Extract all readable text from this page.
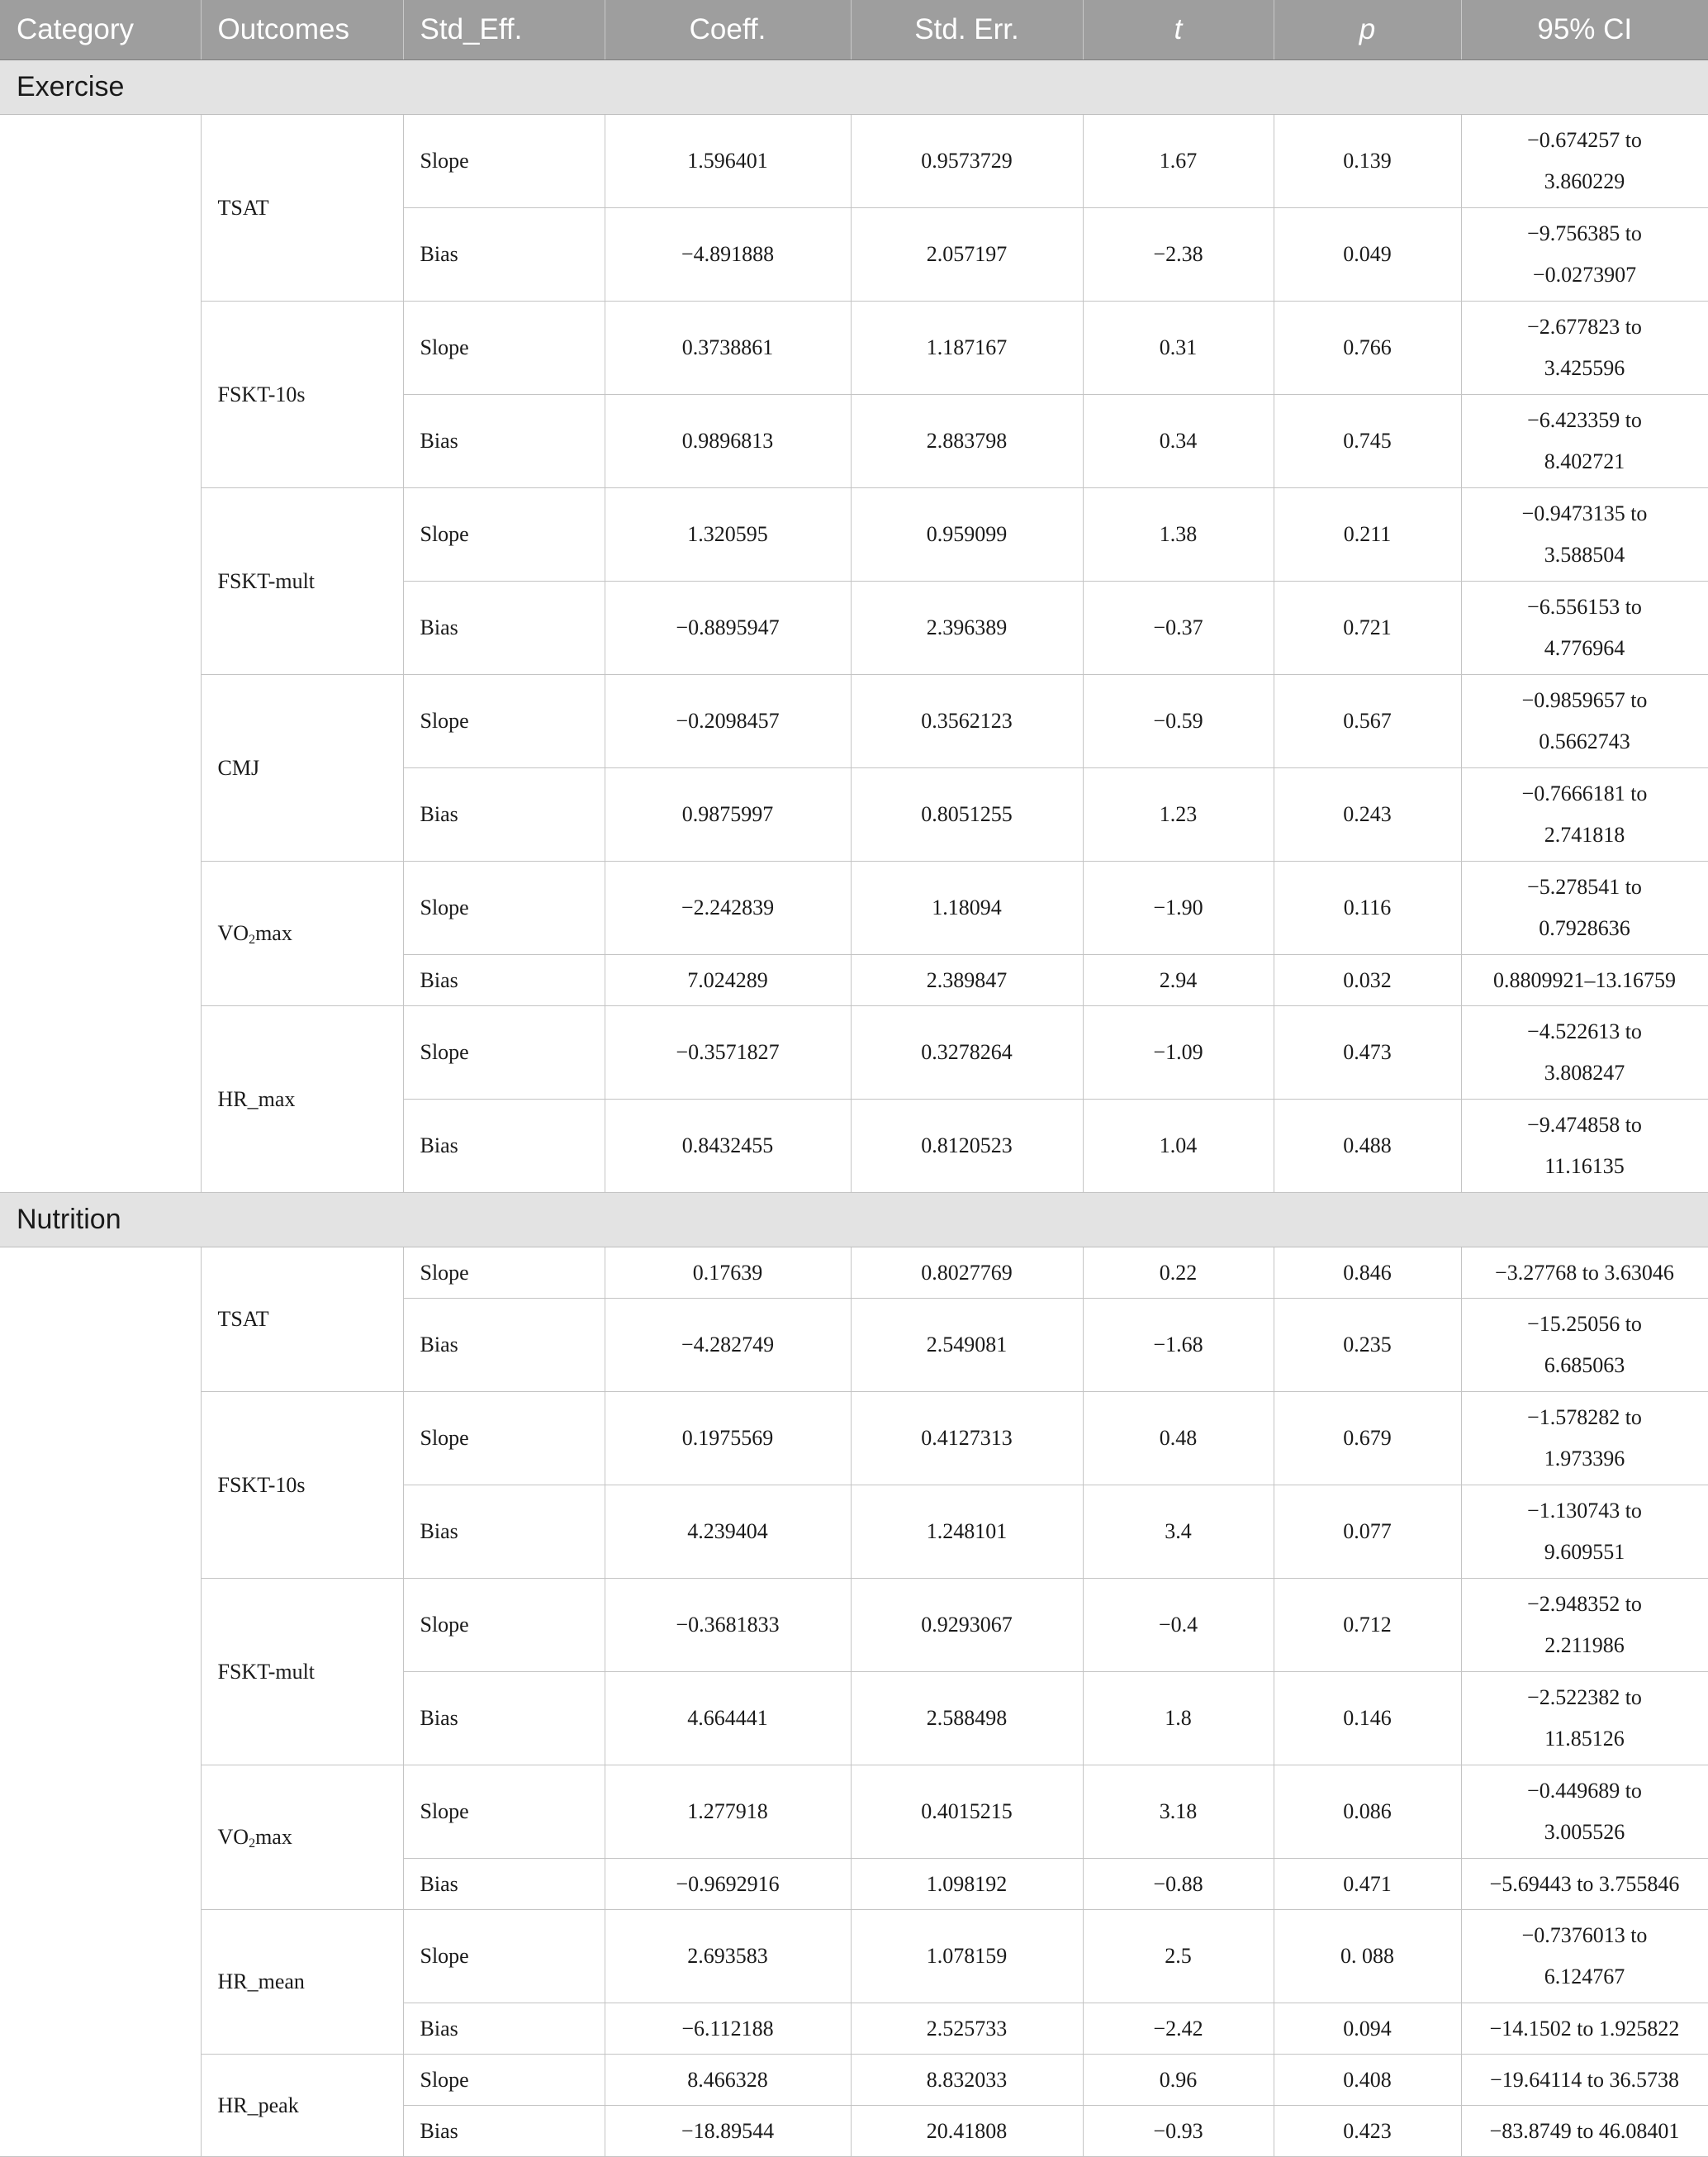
Category	Outcomes	Std_Eff.	Coeff.	Std. Err.	t	p	95% CI
Exercise							
	TSAT	Slope	1.596401	0.9573729	1.67	0.139	−0.674257 to
3.860229

		Bias	−4.891888	2.057197	−2.38	0.049	−9.756385 to
−0.0273907

	FSKT-10s	Slope	0.3738861	1.187167	0.31	0.766	−2.677823 to
3.425596

		Bias	0.9896813	2.883798	0.34	0.745	−6.423359 to
8.402721

	FSKT-mult	Slope	1.320595	0.959099	1.38	0.211	−0.9473135 to
3.588504

		Bias	−0.8895947	2.396389	−0.37	0.721	−6.556153 to
4.776964

	CMJ	Slope	−0.2098457	0.3562123	−0.59	0.567	−0.9859657 to
0.5662743

		Bias	0.9875997	0.8051255	1.23	0.243	−0.7666181 to
2.741818

	$VO_2\max$	Slope	−2.242839	1.18094	−1.90	0.116	−5.278541 to
0.7928636

		Bias	7.024289	2.389847	2.94	0.032	0.8809921–13.16759

	HR_max	Slope	−0.3571827	0.3278264	−1.09	0.473	−4.522613 to
3.808247

		Bias	0.8432455	0.8120523	1.04	0.488	−9.474858 to
11.16135

Nutrition							
	TSAT	Slope	0.17639	0.8027769	0.22	0.846	−3.27768 to 3.63046

		Bias	−4.282749	2.549081	−1.68	0.235	−15.25056 to
6.685063

	FSKT-10s	Slope	0.1975569	0.4127313	0.48	0.679	−1.578282 to
1.973396

		Bias	4.239404	1.248101	3.4	0.077	−1.130743 to
9.609551

	FSKT-mult	Slope	−0.3681833	0.9293067	−0.4	0.712	−2.948352 to
2.211986

		Bias	4.664441	2.588498	1.8	0.146	−2.522382 to
11.85126

	$VO_2\max$	Slope	1.277918	0.4015215	3.18	0.086	−0.449689 to
3.005526

		Bias	−0.9692916	1.098192	−0.88	0.471	−5.69443 to 3.755846

	HR_mean	Slope	2.693583	1.078159	2.5	0. 088	−0.7376013 to
6.124767

		Bias	−6.112188	2.525733	−2.42	0.094	−14.1502 to 1.925822

	HR_peak	Slope	8.466328	8.832033	0.96	0.408	−19.64114 to 36.5738

		Bias	−18.89544	20.41808	−0.93	0.423	−83.8749 to 46.08401
